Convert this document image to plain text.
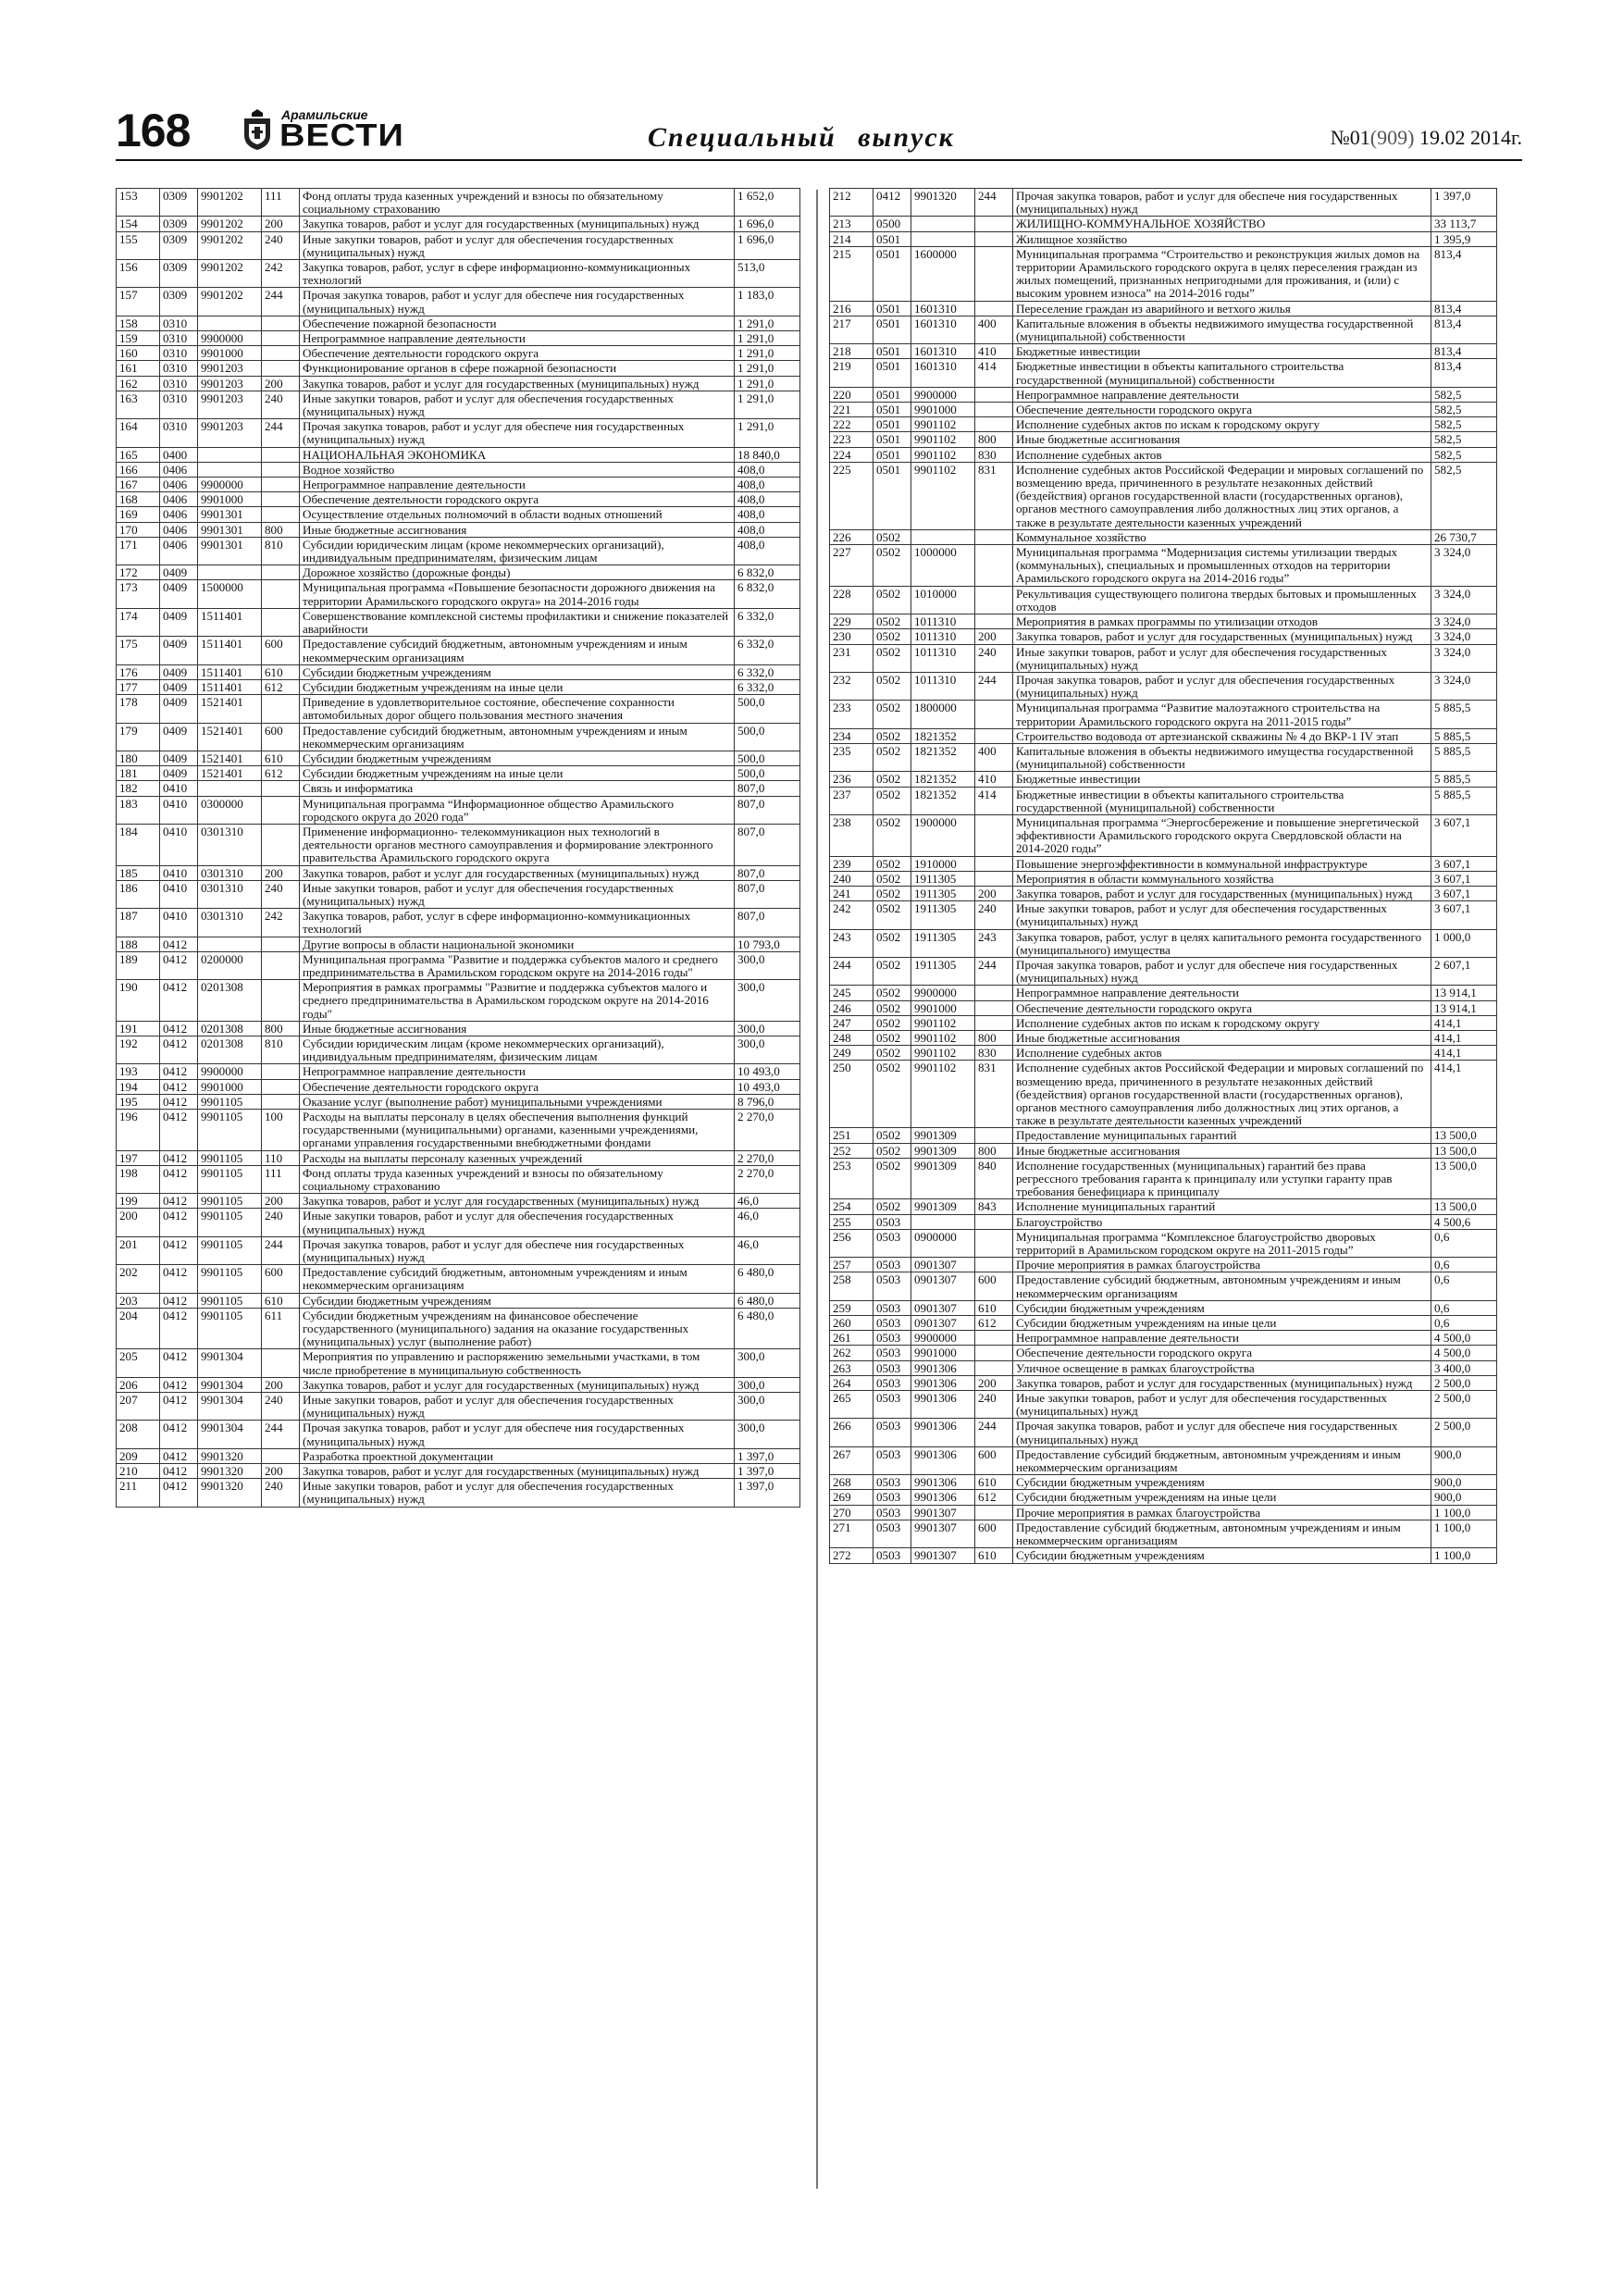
168	Арамильские
ВЕСТИ	Специальный выпуск	№01(909) 19.02 2014г.
153	0309	9901202	111	Фонд оплаты труда казенных учреждений и взносы по обязательному социальному страхованию	1 652,0
154	0309	9901202	200	Закупка товаров, работ и услуг для государственных (муниципальных) нужд	1 696,0
155	0309	9901202	240	Иные закупки товаров, работ и услуг для обеспечения государственных (муниципальных) нужд	1 696,0
156	0309	9901202	242	Закупка товаров, работ, услуг в сфере информационно-коммуникационных технологий	513,0
157	0309	9901202	244	Прочая закупка товаров, работ и услуг для обеспече ния государственных (муниципальных) нужд	1 183,0
158	0310			Обеспечение пожарной безопасности	1 291,0
159	0310	9900000		Непрограммное направление деятельности	1 291,0
160	0310	9901000		Обеспечение деятельности городского округа	1 291,0
161	0310	9901203		Функционирование органов в сфере пожарной безопасности	1 291,0
162	0310	9901203	200	Закупка товаров, работ и услуг для государственных (муниципальных) нужд	1 291,0
163	0310	9901203	240	Иные закупки товаров, работ и услуг для обеспечения государственных (муниципальных) нужд	1 291,0
164	0310	9901203	244	Прочая закупка товаров, работ и услуг для обеспече ния государственных (муниципальных) нужд	1 291,0
165	0400			НАЦИОНАЛЬНАЯ ЭКОНОМИКА	18 840,0
166	0406			Водное хозяйство	408,0
167	0406	9900000		Непрограммное направление деятельности	408,0
168	0406	9901000		Обеспечение деятельности городского округа	408,0
169	0406	9901301		Осуществление отдельных полномочий в области водных отношений	408,0
170	0406	9901301	800	Иные бюджетные ассигнования	408,0
171	0406	9901301	810	Субсидии юридическим лицам (кроме некоммерческих организаций), индивидуальным предпринимателям, физическим лицам	408,0
172	0409			Дорожное хозяйство (дорожные фонды)	6 832,0
173	0409	1500000		Муниципальная программа «Повышение безопасности дорожного движения на территории Арамильского городского округа» на 2014-2016 годы	6 832,0
174	0409	1511401		Совершенствование комплексной системы профилактики и снижение показателей аварийности	6 332,0
175	0409	1511401	600	Предоставление субсидий бюджетным, автономным учреждениям и иным некоммерческим организациям	6 332,0
176	0409	1511401	610	Субсидии бюджетным учреждениям	6 332,0
177	0409	1511401	612	Субсидии бюджетным учреждениям на иные цели	6 332,0
178	0409	1521401		Приведение в удовлетворительное состояние, обеспечение сохранности автомобильных дорог общего пользования местного значения	500,0
179	0409	1521401	600	Предоставление субсидий бюджетным, автономным учреждениям и иным некоммерческим организациям	500,0
180	0409	1521401	610	Субсидии бюджетным учреждениям	500,0
181	0409	1521401	612	Субсидии бюджетным учреждениям на иные цели	500,0
182	0410			Связь и информатика	807,0
183	0410	0300000		Муниципальная программа “Информационное общество Арамильского городского округа до 2020 года”	807,0
184	0410	0301310		Применение информационно- телекоммуникацион ных технологий в деятельности органов местного самоуправления и формирование электронного правительства Арамильского городского округа	807,0
185	0410	0301310	200	Закупка товаров, работ и услуг для государственных (муниципальных) нужд	807,0
186	0410	0301310	240	Иные закупки товаров, работ и услуг для обеспечения государственных (муниципальных) нужд	807,0
187	0410	0301310	242	Закупка товаров, работ, услуг в сфере информационно-коммуникационных технологий	807,0
188	0412			Другие вопросы в области национальной экономики	10 793,0
189	0412	0200000		Муниципальная программа "Развитие и поддержка субъектов малого и среднего предпринимательства в Арамильском городском округе на 2014-2016 годы"	300,0
190	0412	0201308		Мероприятия в рамках программы "Развитие и поддержка субъектов малого и среднего предпринимательства в Арамильском городском округе на 2014-2016 годы"	300,0
191	0412	0201308	800	Иные бюджетные ассигнования	300,0
192	0412	0201308	810	Субсидии юридическим лицам (кроме некоммерческих организаций), индивидуальным предпринимателям, физическим лицам	300,0
193	0412	9900000		Непрограммное направление деятельности	10 493,0
194	0412	9901000		Обеспечение деятельности городского округа	10 493,0
195	0412	9901105		Оказание услуг (выполнение работ) муниципальными учреждениями	8 796,0
196	0412	9901105	100	Расходы на выплаты персоналу в целях обеспечения выполнения функций государственными (муниципальными) органами, казенными учреждениями, органами управления государственными внебюджетными фондами	2 270,0
197	0412	9901105	110	Расходы на выплаты персоналу казенных учреждений	2 270,0
198	0412	9901105	111	Фонд оплаты труда казенных учреждений и взносы по обязательному социальному страхованию	2 270,0
199	0412	9901105	200	Закупка товаров, работ и услуг для государственных (муниципальных) нужд	46,0
200	0412	9901105	240	Иные закупки товаров, работ и услуг для обеспечения государственных (муниципальных) нужд	46,0
201	0412	9901105	244	Прочая закупка товаров, работ и услуг для обеспече ния государственных (муниципальных) нужд	46,0
202	0412	9901105	600	Предоставление субсидий бюджетным, автономным учреждениям и иным некоммерческим организациям	6 480,0
203	0412	9901105	610	Субсидии бюджетным учреждениям	6 480,0
204	0412	9901105	611	Субсидии бюджетным учреждениям на финансовое обеспечение государственного (муниципального) задания на оказание государственных (муниципальных) услуг (выполнение работ)	6 480,0
205	0412	9901304		Мероприятия по управлению и распоряжению земельными участками, в том числе приобретение в муниципальную собственность	300,0
206	0412	9901304	200	Закупка товаров, работ и услуг для государственных (муниципальных) нужд	300,0
207	0412	9901304	240	Иные закупки товаров, работ и услуг для обеспечения государственных (муниципальных) нужд	300,0
208	0412	9901304	244	Прочая закупка товаров, работ и услуг для обеспече ния государственных (муниципальных) нужд	300,0
209	0412	9901320		Разработка проектной документации	1 397,0
210	0412	9901320	200	Закупка товаров, работ и услуг для государственных (муниципальных) нужд	1 397,0
211	0412	9901320	240	Иные закупки товаров, работ и услуг для обеспечения государственных (муниципальных) нужд	1 397,0
212	0412	9901320	244	Прочая закупка товаров, работ и услуг для обеспече ния государственных (муниципальных) нужд	1 397,0
213	0500			ЖИЛИЩНО-КОММУНАЛЬНОЕ ХОЗЯЙСТВО	33 113,7
214	0501			Жилищное хозяйство	1 395,9
215	0501	1600000		Муниципальная программа “Строительство и реконструкция жилых домов на территории Арамильского городского округа в целях переселения граждан из жилых помещений, признанных непригодными для проживания, и (или) с высоким уровнем износа” на 2014-2016 годы”	813,4
216	0501	1601310		Переселение граждан из аварийного и ветхого жилья	813,4
217	0501	1601310	400	Капитальные вложения в объекты недвижимого имущества государственной (муниципальной) собственности	813,4
218	0501	1601310	410	Бюджетные инвестиции	813,4
219	0501	1601310	414	Бюджетные инвестиции в объекты капитального строительства государственной (муниципальной) собственности	813,4
220	0501	9900000		Непрограммное направление деятельности	582,5
221	0501	9901000		Обеспечение деятельности городского округа	582,5
222	0501	9901102		Исполнение судебных актов по искам к городскому округу	582,5
223	0501	9901102	800	Иные бюджетные ассигнования	582,5
224	0501	9901102	830	Исполнение судебных актов	582,5
225	0501	9901102	831	Исполнение судебных актов Российской Федерации и мировых соглашений по возмещению вреда, причиненного в результате незаконных действий (бездействия) органов государственной власти (государственных органов), органов местного самоуправления либо должностных лиц этих органов, а также в результате деятельности казенных учреждений	582,5
226	0502			Коммунальное хозяйство	26 730,7
227	0502	1000000		Муниципальная программа “Модернизация системы утилизации твердых (коммунальных), специальных и промышленных отходов на территории Арамильского городского округа на 2014-2016 годы”	3 324,0
228	0502	1010000		Рекультивация существующего полигона твердых бытовых и промышленных отходов	3 324,0
229	0502	1011310		Мероприятия в рамках программы по утилизации отходов	3 324,0
230	0502	1011310	200	Закупка товаров, работ и услуг для государственных (муниципальных) нужд	3 324,0
231	0502	1011310	240	Иные закупки товаров, работ и услуг для обеспечения государственных (муниципальных) нужд	3 324,0
232	0502	1011310	244	Прочая закупка товаров, работ и услуг для обеспечения государственных (муниципальных) нужд	3 324,0
233	0502	1800000		Муниципальная программа “Развитие малоэтажного строительства на территории Арамильского городского округа на 2011-2015 годы”	5 885,5
234	0502	1821352		Строительство водовода от артезианской скважины № 4 до ВКР-1 IV этап	5 885,5
235	0502	1821352	400	Капитальные вложения в объекты недвижимого имущества государственной (муниципальной) собственности	5 885,5
236	0502	1821352	410	Бюджетные инвестиции	5 885,5
237	0502	1821352	414	Бюджетные инвестиции в объекты капитального строительства государственной (муниципальной) собственности	5 885,5
238	0502	1900000		Муниципальная программа “Энергосбережение и повышение энергетической эффективности Арамильского городского округа Свердловской области на 2014-2020 годы”	3 607,1
239	0502	1910000		Повышение энергоэффективности в коммунальной инфраструктуре	3 607,1
240	0502	1911305		Мероприятия в области коммунального хозяйства	3 607,1
241	0502	1911305	200	Закупка товаров, работ и услуг для государственных (муниципальных) нужд	3 607,1
242	0502	1911305	240	Иные закупки товаров, работ и услуг для обеспечения государственных (муниципальных) нужд	3 607,1
243	0502	1911305	243	Закупка товаров, работ, услуг в целях капитального ремонта государственного (муниципального) имущества	1 000,0
244	0502	1911305	244	Прочая закупка товаров, работ и услуг для обеспече ния государственных (муниципальных) нужд	2 607,1
245	0502	9900000		Непрограммное направление деятельности	13 914,1
246	0502	9901000		Обеспечение деятельности городского округа	13 914,1
247	0502	9901102		Исполнение судебных актов по искам к городскому округу	414,1
248	0502	9901102	800	Иные бюджетные ассигнования	414,1
249	0502	9901102	830	Исполнение судебных актов	414,1
250	0502	9901102	831	Исполнение судебных актов Российской Федерации и мировых соглашений по возмещению вреда, причиненного в результате незаконных действий (бездействия) органов государственной власти (государственных органов), органов местного самоуправления либо должностных лиц этих органов, а также в результате деятельности казенных учреждений	414,1
251	0502	9901309		Предоставление муниципальных гарантий	13 500,0
252	0502	9901309	800	Иные бюджетные ассигнования	13 500,0
253	0502	9901309	840	Исполнение государственных (муниципальных) гарантий без права регрессного требования гаранта к принципалу или уступки гаранту прав требования бенефициара к принципалу	13 500,0
254	0502	9901309	843	Исполнение муниципальных гарантий	13 500,0
255	0503			Благоустройство	4 500,6
256	0503	0900000		Муниципальная программа “Комплексное благоустройство дворовых территорий в Арамильском городском округе на 2011-2015 годы”	0,6
257	0503	0901307		Прочие мероприятия в рамках благоустройства	0,6
258	0503	0901307	600	Предоставление субсидий бюджетным, автономным учреждениям и иным некоммерческим организациям	0,6
259	0503	0901307	610	Субсидии бюджетным учреждениям	0,6
260	0503	0901307	612	Субсидии бюджетным учреждениям на иные цели	0,6
261	0503	9900000		Непрограммное направление деятельности	4 500,0
262	0503	9901000		Обеспечение деятельности городского округа	4 500,0
263	0503	9901306		Уличное освещение в рамках благоустройства	3 400,0
264	0503	9901306	200	Закупка товаров, работ и услуг для государственных (муниципальных) нужд	2 500,0
265	0503	9901306	240	Иные закупки товаров, работ и услуг для обеспечения государственных (муниципальных) нужд	2 500,0
266	0503	9901306	244	Прочая закупка товаров, работ и услуг для обеспече ния государственных (муниципальных) нужд	2 500,0
267	0503	9901306	600	Предоставление субсидий бюджетным, автономным учреждениям и иным некоммерческим организациям	900,0
268	0503	9901306	610	Субсидии бюджетным учреждениям	900,0
269	0503	9901306	612	Субсидии бюджетным учреждениям на иные цели	900,0
270	0503	9901307		Прочие мероприятия в рамках благоустройства	1 100,0
271	0503	9901307	600	Предоставление субсидий бюджетным, автономным учреждениям и иным некоммерческим организациям	1 100,0
272	0503	9901307	610	Субсидии бюджетным учреждениям	1 100,0
